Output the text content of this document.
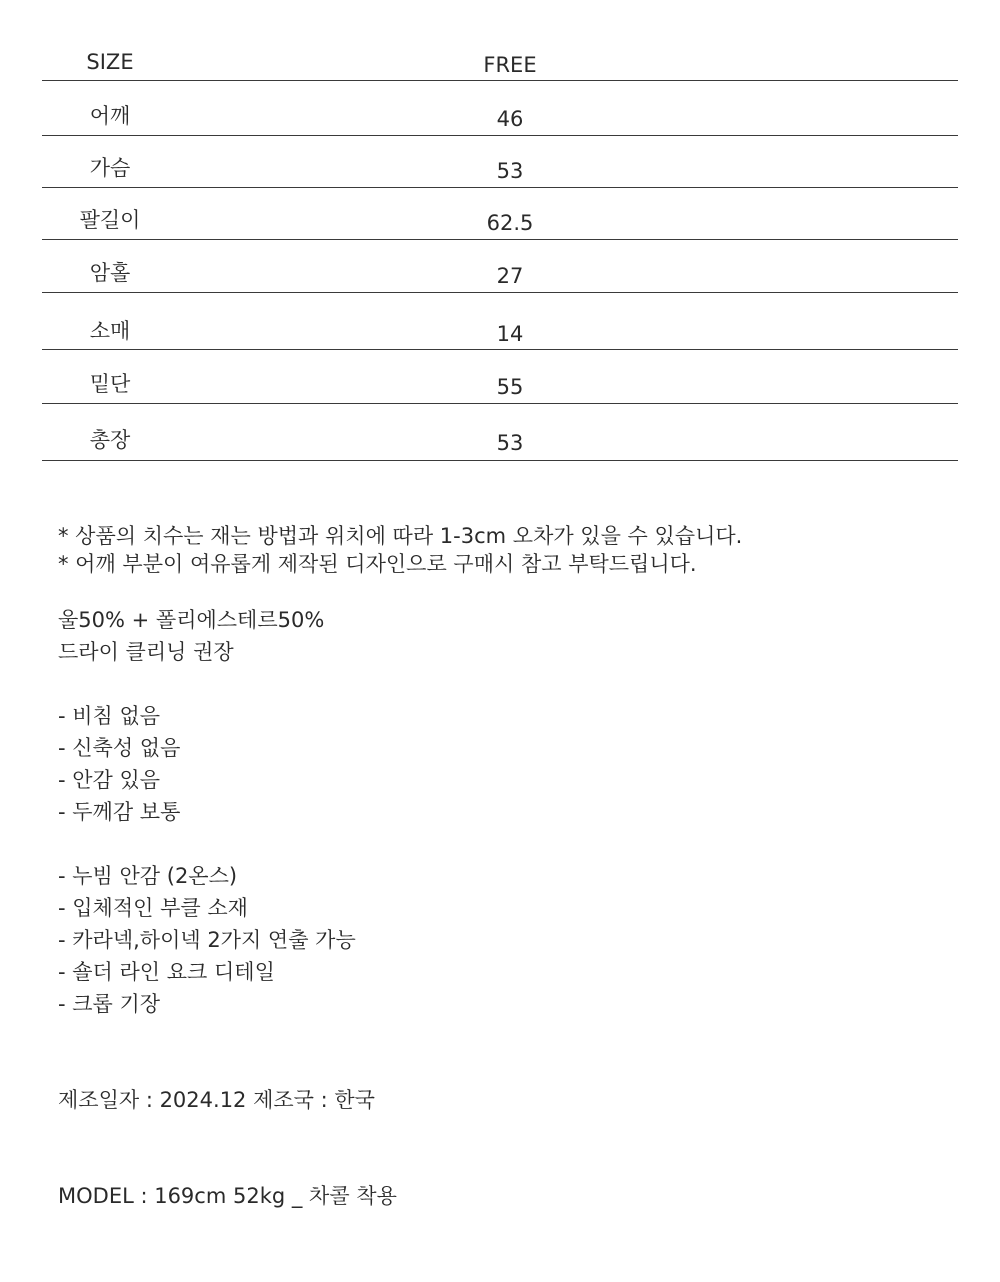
SIZE	FREE
어깨	46
가슴	53
팔길이	62.5
암홀	27
소매	14
밑단	55
총장	53
* 상품의 치수는 재는 방법과 위치에 따라 1-3cm 오차가 있을 수 있습니다.
* 어깨 부분이 여유롭게 제작된 디자인으로 구매시 참고 부탁드립니다.
울50% + 폴리에스테르50%
드라이 클리닝 권장
- 비침 없음
- 신축성 없음
- 안감 있음
- 두께감 보통
- 누빔 안감 (2온스)
- 입체적인 부클 소재
- 카라넥,하이넥 2가지 연출 가능
- 숄더 라인 요크 디테일
- 크롭 기장
제조일자 : 2024.12 제조국 : 한국
MODEL : 169cm 52kg _ 차콜 착용
